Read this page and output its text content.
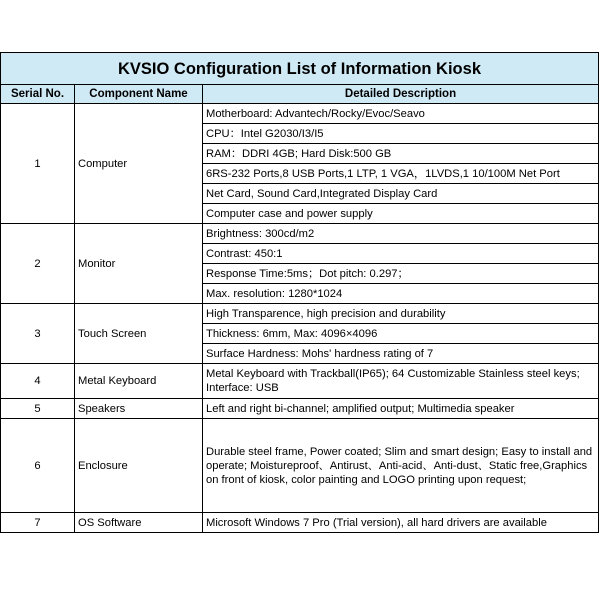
KVSIO Configuration List of Information Kiosk		
Serial No.	Component Name	Detailed Description
1	Computer	Motherboard: Advantech/Rocky/Evoc/Seavo
		CPU：Intel G2030/I3/I5
		RAM：DDRI 4GB; Hard Disk:500 GB
		6RS-232 Ports,8 USB Ports,1 LTP, 1 VGA，1LVDS,1 10/100M Net Port
		Net Card, Sound Card,Integrated Display Card
		Computer case and power supply
2	Monitor	Brightness: 300cd/m2
		Contrast: 450:1
		Response Time:5ms；Dot pitch: 0.297；
		Max. resolution: 1280*1024
3	Touch Screen	High Transparence, high precision and durability
		Thickness: 6mm, Max: 4096×4096
		Surface Hardness: Mohs' hardness rating of 7
4	Metal Keyboard	Metal Keyboard with Trackball(IP65); 64 Customizable Stainless steel keys; Interface: USB
5	Speakers	Left and right bi-channel; amplified output; Multimedia speaker
6	Enclosure	Durable steel frame, Power coated; Slim and smart design; Easy to install and operate; Moistureproof、Antirust、Anti-acid、Anti-dust、Static free,Graphics on front of kiosk, color painting and LOGO printing upon request;
7	OS Software	Microsoft Windows 7 Pro (Trial version), all hard drivers are available
